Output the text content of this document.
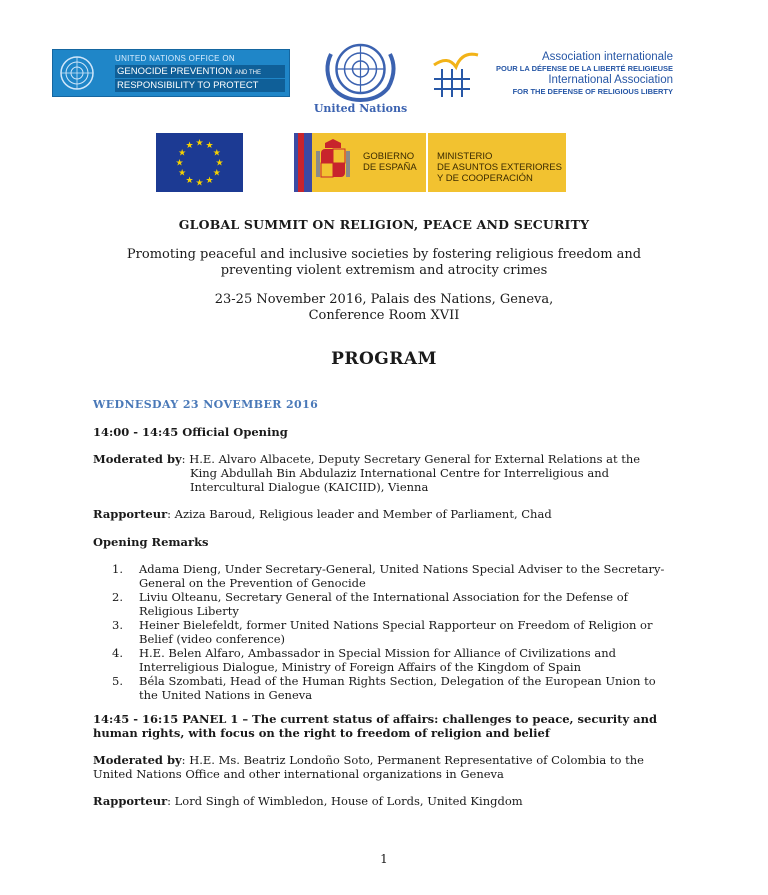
UNITED NATIONS OFFICE ON
GENOCIDE PREVENTION AND THE
RESPONSIBILITY TO PROTECT
United Nations
Association internationale
POUR LA DÉFENSE DE LA LIBERTÉ RELIGIEUSE
International Association
FOR THE DEFENSE OF RELIGIOUS LIBERTY
★ ★
★
★
★
★
★
★
★
★
★
★
GOBIERNO
DE ESPAÑA
MINISTERIO
DE ASUNTOS EXTERIORES
Y DE COOPERACIÓN
GLOBAL SUMMIT ON RELIGION, PEACE AND SECURITY
Promoting peaceful and inclusive societies by fostering religious freedom and
preventing violent extremism and atrocity crimes
23-25 November 2016, Palais des Nations, Geneva,
Conference Room XVII
PROGRAM
WEDNESDAY 23 NOVEMBER 2016
14:00 - 14:45 Official Opening
Moderated by: H.E. Alvaro Albacete, Deputy Secretary General for External Relations at the
King Abdullah Bin Abdulaziz International Centre for Interreligious and
Intercultural Dialogue (KAICIID), Vienna
Rapporteur: Aziza Baroud, Religious leader and Member of Parliament, Chad
Opening Remarks
1.	Adama Dieng, Under Secretary-General, United Nations Special Adviser to the Secretary-
General on the Prevention of Genocide
2.	Liviu Olteanu, Secretary General of the International Association for the Defense of
Religious Liberty
3.	Heiner Bielefeldt, former United Nations Special Rapporteur on Freedom of Religion or
Belief (video conference)
4.	H.E. Belen Alfaro, Ambassador in Special Mission for Alliance of Civilizations and
Interreligious Dialogue, Ministry of Foreign Affairs of the Kingdom of Spain
5.	Béla Szombati, Head of the Human Rights Section, Delegation of the European Union to
the United Nations in Geneva
14:45 - 16:15 PANEL 1 – The current status of affairs: challenges to peace, security and
human rights, with focus on the right to freedom of religion and belief
Moderated by: H.E. Ms. Beatriz Londoño Soto, Permanent Representative of Colombia to the
United Nations Office and other international organizations in Geneva
Rapporteur: Lord Singh of Wimbledon, House of Lords, United Kingdom
1
